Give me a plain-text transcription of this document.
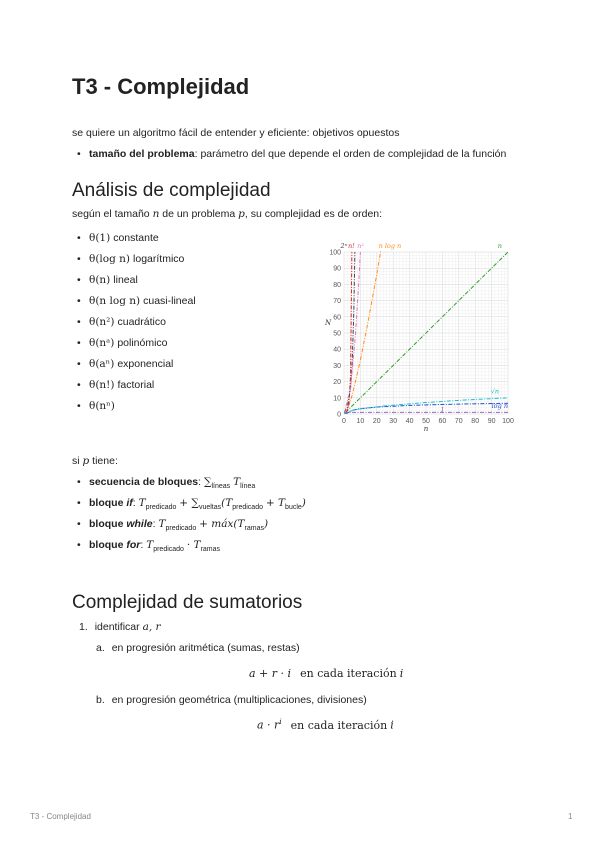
T3 - Complejidad
se quiere un algoritmo fácil de entender y eficiente: objetivos opuestos
• tamaño del problema: parámetro del que depende el orden de complejidad de la función
Análisis de complejidad
según el tamaño n de un problema p, su complejidad es de orden:
• θ(1) constante
• θ(log n) logarítmico
• θ(n) lineal
• θ(n log n) cuasi-lineal
• θ(n²) cuadrático
• θ(nᵃ) polinómico
• θ(aⁿ) exponencial
• θ(n!) factorial
• θ(nⁿ)
0 10 20 30 40 50 60 70 80 90 100
0
10
20
30
40
50
60
70
80
90
100
n
N
n
n log n
n!
2ⁿ n²
log n
√n
1
si p tiene:
• secuencia de bloques: $\sum_{líneas}$ $T_{línea}$
• bloque if: $T_{predicado} + \sum_{vueltas}(T_{predicado} + T_{bucle})$
• bloque while: $T_{predicado}$ + $máx(T_{ramas})$
• bloque for: $T_{predicado} \cdot T_{ramas}$
Complejidad de sumatorios
1. identificar a, r
a. en progresión aritmética (sumas, restas)
a + r · i en cada iteración i
b. en progresión geométrica (multiplicaciones, divisiones)
$a \cdot r^i$ en cada iteración i
T3 - Complejidad	1
